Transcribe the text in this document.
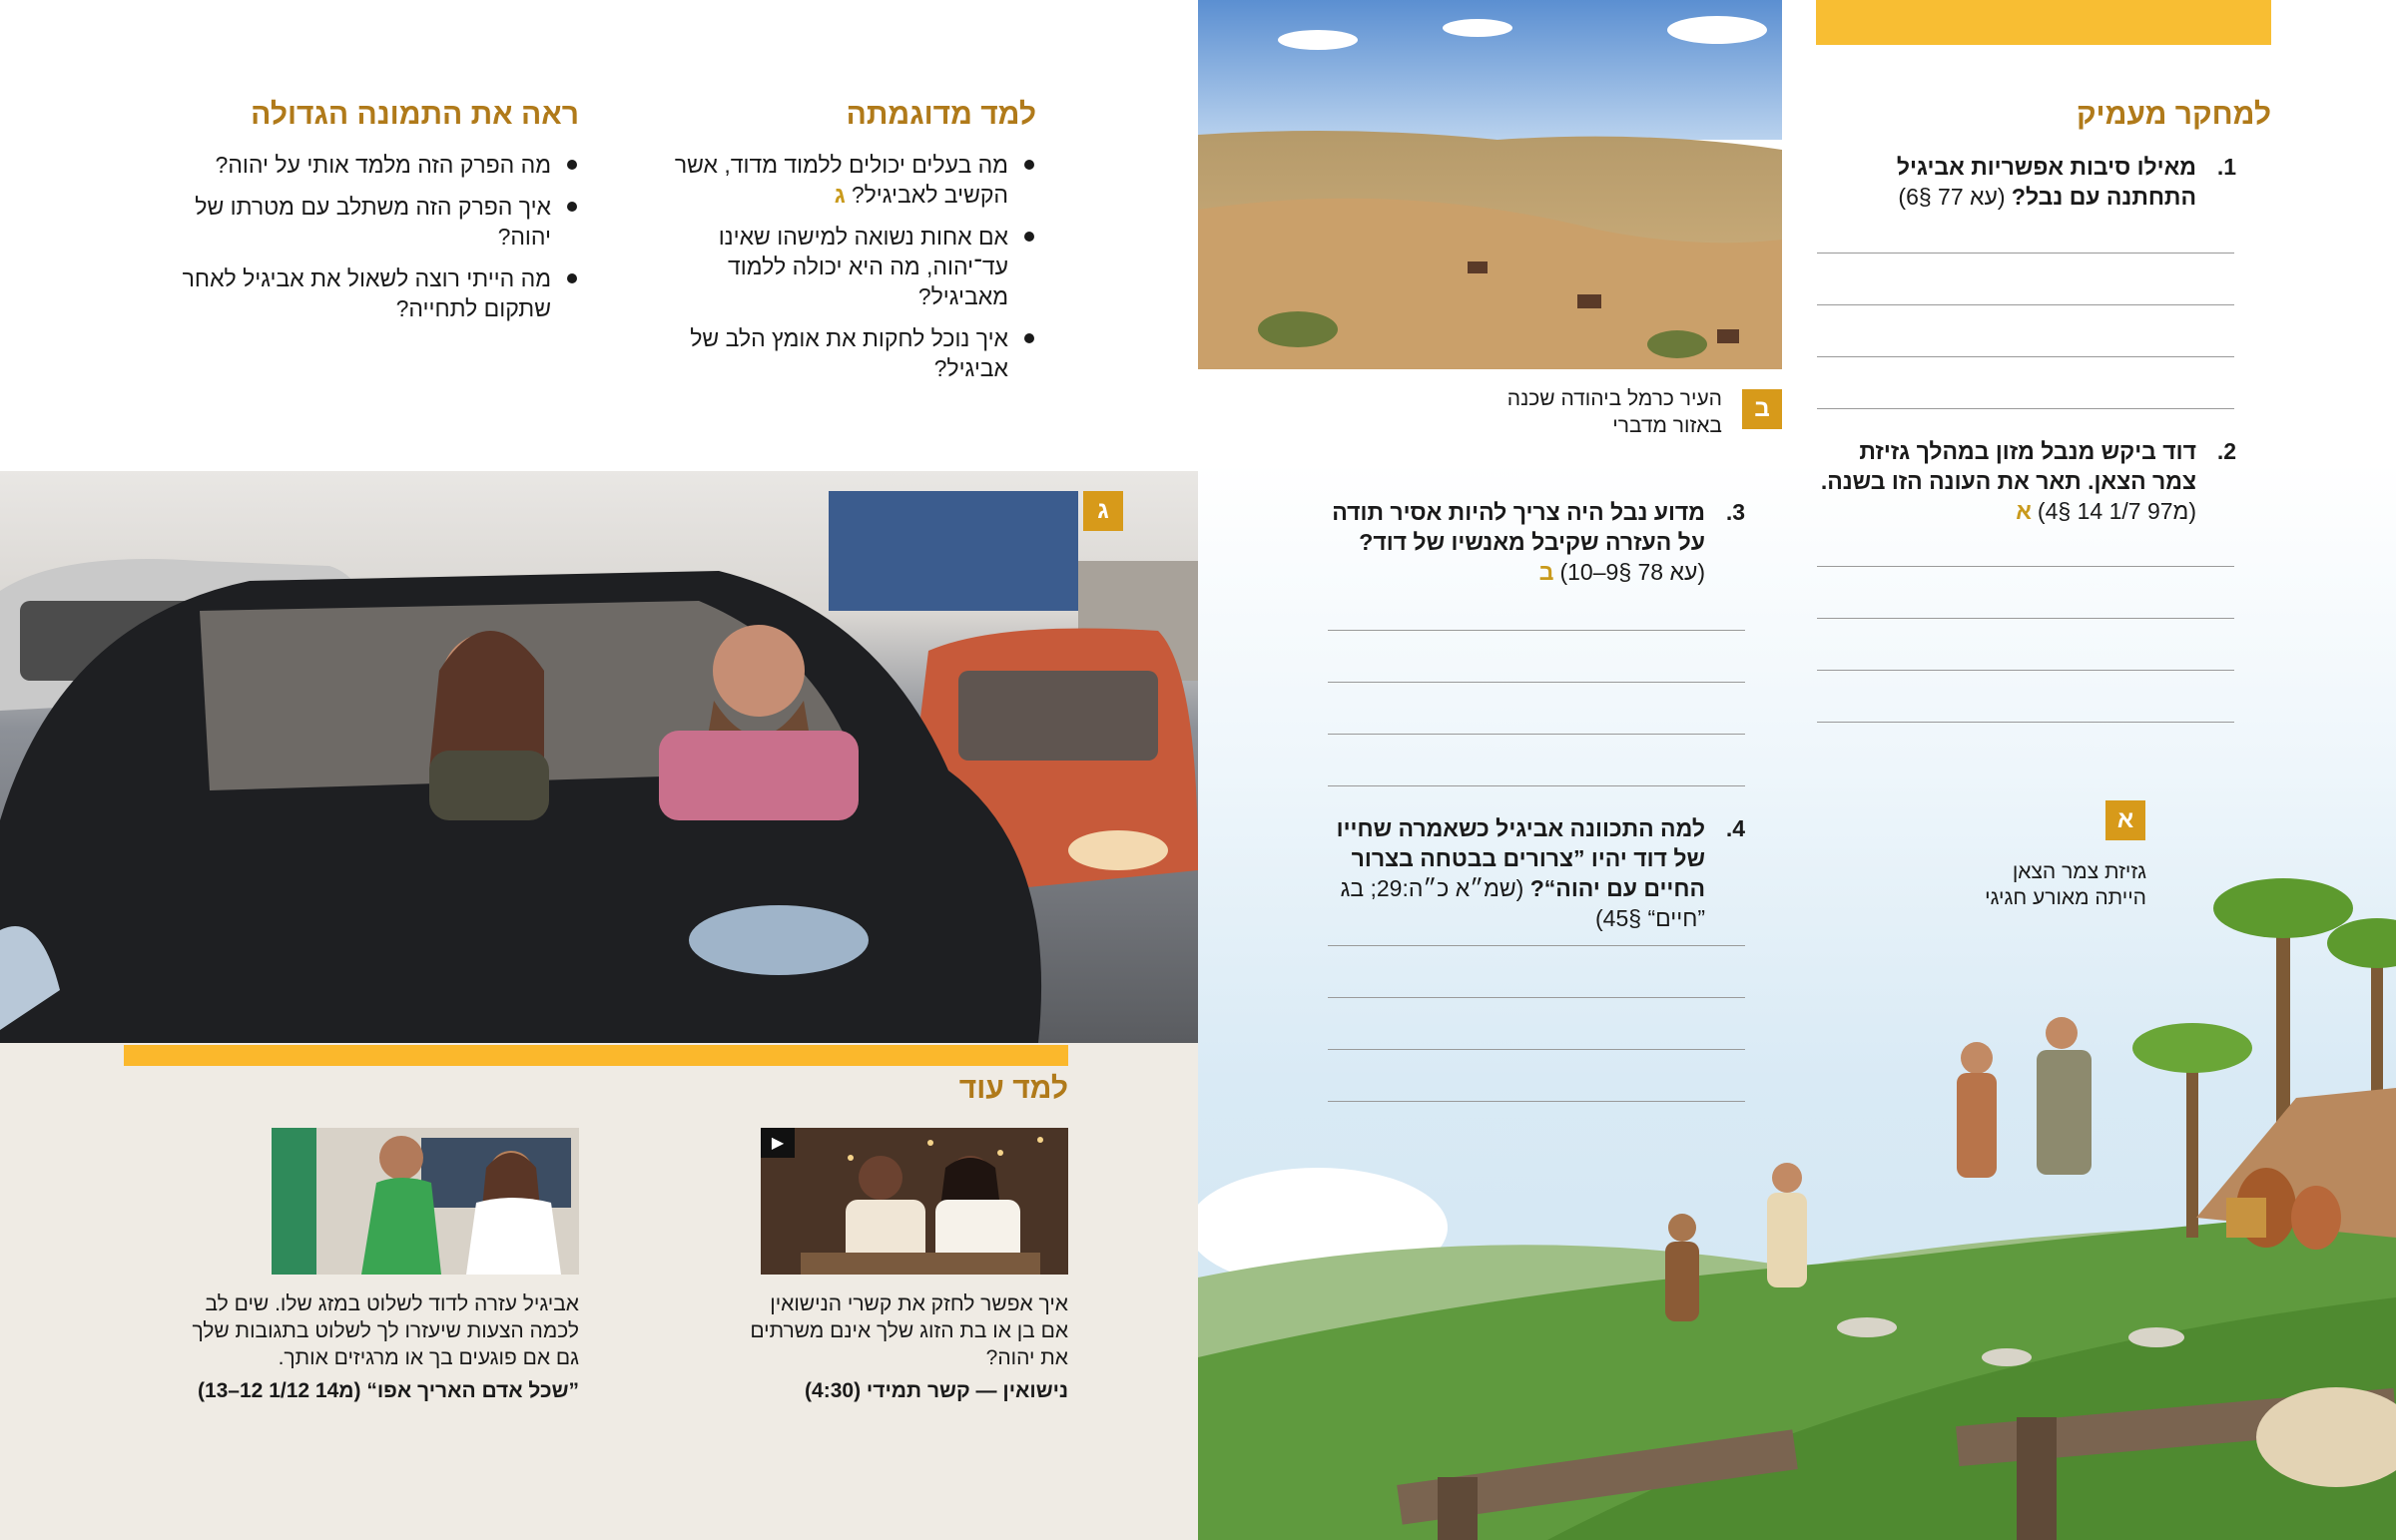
ראה את התמונה הגדולה
מה הפרק הזה מלמד אותי על יהוה?
איך הפרק הזה משתלב עם מטרתו של יהוה?
מה הייתי רוצה לשאול את אביגיל לאחר שתקום לתחייה?
למד מדוגמתה
מה בעלים יכולים ללמוד מדוד, אשר הקשיב לאביגיל?ג
אם אחות נשואה למישהו שאינו עד־יהוה, מה היא יכולה ללמוד מאביגיל?
איך נוכל לחקות את אומץ הלב של אביגיל?
ג
למד עוד
▶
איך אפשר לחזק את קשרי הנישואין אם בן או בת הזוג שלך אינם משרתים את יהוה?
נישואין — קשר תמידי (4:30)
אביגיל עזרה לדוד לשלוט במזג שלו. שים לב לכמה הצעות שיעזרו לך לשלוט בתגובות שלך גם אם פוגעים בך או מרגיזים אותך.
”שכל אדם האריך אפו“ (מ14 1/12 12–13)
ב
העיר כרמל ביהודה שכנה
באזור מדברי
למחקר מעמיק
1.
מאילו סיבות אפשריות אביגיל התחתנה עם נבל? (עא 77 §6)
2.
דוד ביקש מנבל מזון במהלך גזיזת צמר הצאן. תאר את העונה הזו בשנה.
(מ97 1/7 14 §4)א
3.
מדוע נבל היה צריך להיות אסיר תודה על העזרה שקיבל מאנשיו של דוד?
(עא 78 §9–10)ב
4.
למה התכוונה אביגיל כשאמרה שחייו של דוד יהיו ”צרורים בבטחה בצרור החיים עם יהוה“? (שמ״א כ״ה:29; בג ”חיים“ §45)
א
גזיזת צמר הצאן
הייתה מאורע חגיגי
